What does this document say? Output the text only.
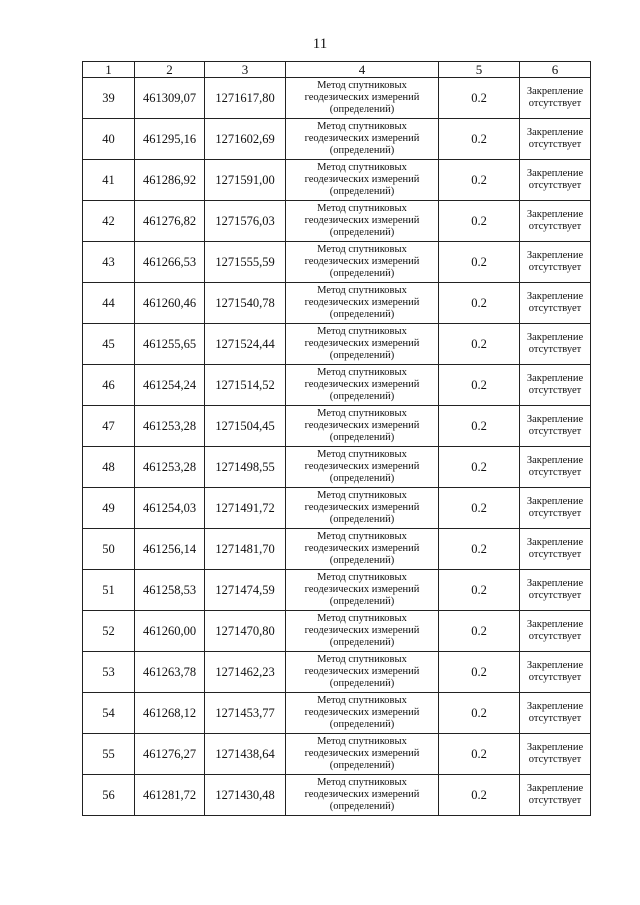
11
1	2	3	4	5	6
39	461309,07	1271617,80	Метод спутниковых геодезических измерений (определений)	0.2	Закрепление отсутствует
40	461295,16	1271602,69	Метод спутниковых геодезических измерений (определений)	0.2	Закрепление отсутствует
41	461286,92	1271591,00	Метод спутниковых геодезических измерений (определений)	0.2	Закрепление отсутствует
42	461276,82	1271576,03	Метод спутниковых геодезических измерений (определений)	0.2	Закрепление отсутствует
43	461266,53	1271555,59	Метод спутниковых геодезических измерений (определений)	0.2	Закрепление отсутствует
44	461260,46	1271540,78	Метод спутниковых геодезических измерений (определений)	0.2	Закрепление отсутствует
45	461255,65	1271524,44	Метод спутниковых геодезических измерений (определений)	0.2	Закрепление отсутствует
46	461254,24	1271514,52	Метод спутниковых геодезических измерений (определений)	0.2	Закрепление отсутствует
47	461253,28	1271504,45	Метод спутниковых геодезических измерений (определений)	0.2	Закрепление отсутствует
48	461253,28	1271498,55	Метод спутниковых геодезических измерений (определений)	0.2	Закрепление отсутствует
49	461254,03	1271491,72	Метод спутниковых геодезических измерений (определений)	0.2	Закрепление отсутствует
50	461256,14	1271481,70	Метод спутниковых геодезических измерений (определений)	0.2	Закрепление отсутствует
51	461258,53	1271474,59	Метод спутниковых геодезических измерений (определений)	0.2	Закрепление отсутствует
52	461260,00	1271470,80	Метод спутниковых геодезических измерений (определений)	0.2	Закрепление отсутствует
53	461263,78	1271462,23	Метод спутниковых геодезических измерений (определений)	0.2	Закрепление отсутствует
54	461268,12	1271453,77	Метод спутниковых геодезических измерений (определений)	0.2	Закрепление отсутствует
55	461276,27	1271438,64	Метод спутниковых геодезических измерений (определений)	0.2	Закрепление отсутствует
56	461281,72	1271430,48	Метод спутниковых геодезических измерений (определений)	0.2	Закрепление отсутствует
